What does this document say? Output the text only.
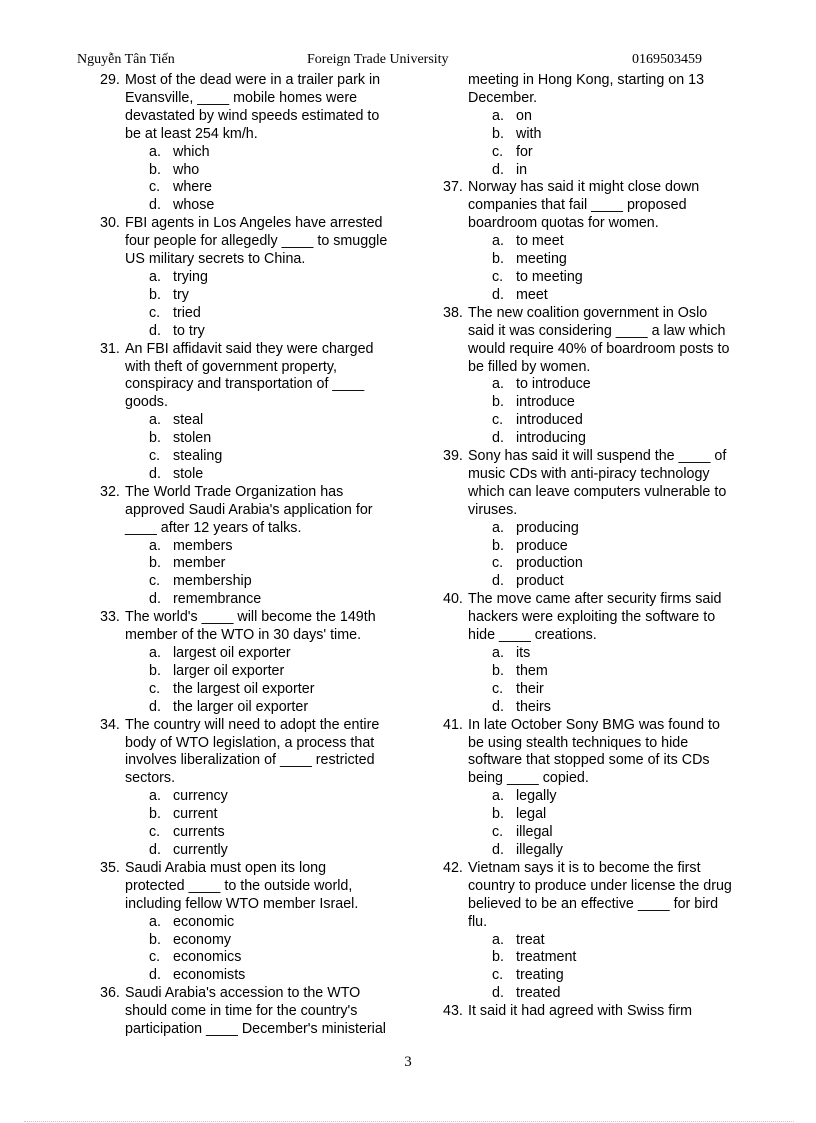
Nguyễn Tân Tiến	Foreign Trade University	0169503459
29. Most of the dead were in a trailer park in
Evansville, ____ mobile homes were
devastated by wind speeds estimated to
be at least 254 km/h.
a. which
b. who
c. where
d. whose
30. FBI agents in Los Angeles have arrested
four people for allegedly ____ to smuggle
US military secrets to China.
a. trying
b. try
c. tried
d. to try
31. An FBI affidavit said they were charged
with theft of government property,
conspiracy and transportation of ____
goods.
a. steal
b. stolen
c. stealing
d. stole
32. The World Trade Organization has
approved Saudi Arabia's application for
____ after 12 years of talks.
a. members
b. member
c. membership
d. remembrance
33. The world's ____ will become the 149th
member of the WTO in 30 days' time.
a. largest oil exporter
b. larger oil exporter
c. the largest oil exporter
d. the larger oil exporter
34. The country will need to adopt the entire
body of WTO legislation, a process that
involves liberalization of ____ restricted
sectors.
a. currency
b. current
c. currents
d. currently
35. Saudi Arabia must open its long
protected ____ to the outside world,
including fellow WTO member Israel.
a. economic
b. economy
c. economics
d. economists
36. Saudi Arabia's accession to the WTO
should come in time for the country's
participation ____ December's ministerial
meeting in Hong Kong, starting on 13
December.
a. on
b. with
c. for
d. in
37. Norway has said it might close down
companies that fail ____ proposed
boardroom quotas for women.
a. to meet
b. meeting
c. to meeting
d. meet
38. The new coalition government in Oslo
said it was considering ____ a law which
would require 40% of boardroom posts to
be filled by women.
a. to introduce
b. introduce
c. introduced
d. introducing
39. Sony has said it will suspend the ____ of
music CDs with anti-piracy technology
which can leave computers vulnerable to
viruses.
a. producing
b. produce
c. production
d. product
40. The move came after security firms said
hackers were exploiting the software to
hide ____ creations.
a. its
b. them
c. their
d. theirs
41. In late October Sony BMG was found to
be using stealth techniques to hide
software that stopped some of its CDs
being ____ copied.
a. legally
b. legal
c. illegal
d. illegally
42. Vietnam says it is to become the first
country to produce under license the drug
believed to be an effective ____ for bird
flu.
a. treat
b. treatment
c. treating
d. treated
43. It said it had agreed with Swiss firm
3
